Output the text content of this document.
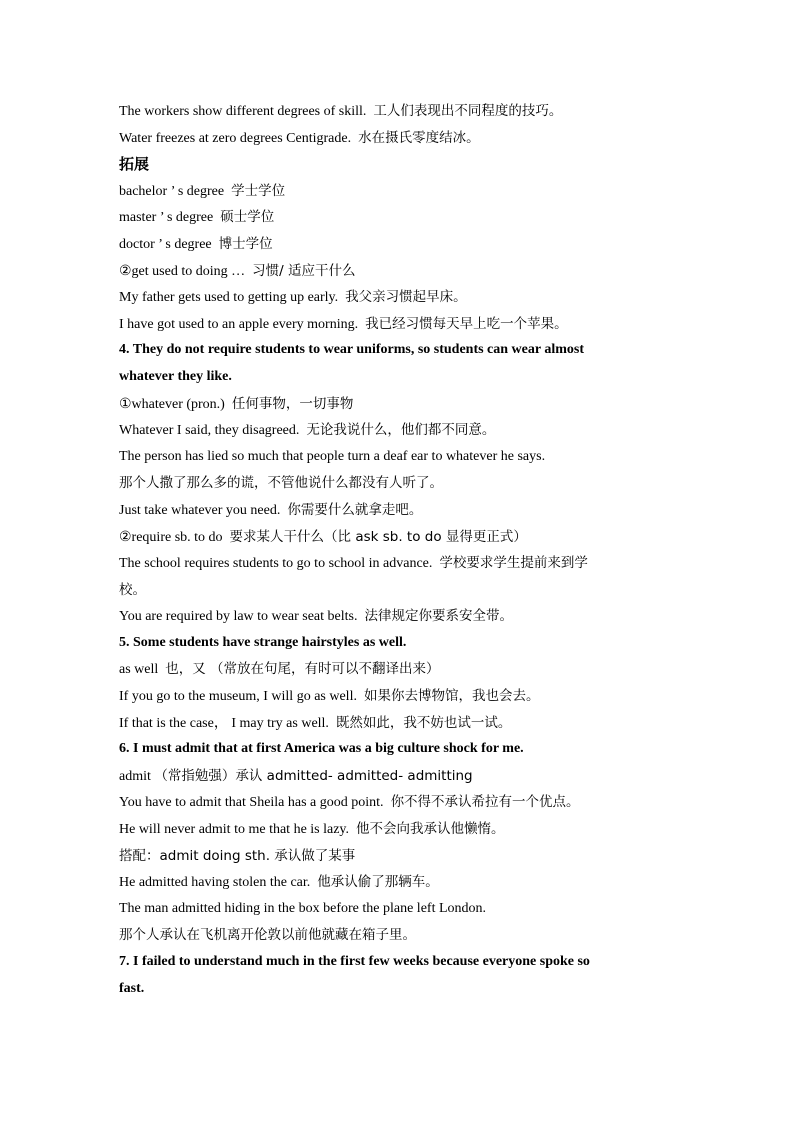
The workers show different degrees of skill. 工人们表现出不同程度的技巧。
Water freezes at zero degrees Centigrade. 水在摄氏零度结冰。
拓展
bachelor ’ s degree 学士学位
master ’ s degree 硕士学位
doctor ’ s degree 博士学位
②get used to doing … 习惯/ 适应干什么
My father gets used to getting up early. 我父亲习惯起早床。
I have got used to an apple every morning. 我已经习惯每天早上吃一个苹果。
4. They do not require students to wear uniforms, so students can wear almost
whatever they like.
①whatever (pron.) 任何事物，一切事物
Whatever I said, they disagreed. 无论我说什么，他们都不同意。
The person has lied so much that people turn a deaf ear to whatever he says.
那个人撒了那么多的谎，不管他说什么都没有人听了。
Just take whatever you need. 你需要什么就拿走吧。
②require sb. to do 要求某人干什么（比 ask sb. to do 显得更正式）
The school requires students to go to school in advance. 学校要求学生提前来到学
校。
You are required by law to wear seat belts. 法律规定你要系安全带。
5. Some students have strange hairstyles as well.
as well 也，又 （常放在句尾，有时可以不翻译出来）
If you go to the museum, I will go as well. 如果你去博物馆，我也会去。
If that is the case， I may try as well. 既然如此，我不妨也试一试。
6. I must admit that at first America was a big culture shock for me.
admit （常指勉强）承认 admitted- admitted- admitting
You have to admit that Sheila has a good point. 你不得不承认希拉有一个优点。
He will never admit to me that he is lazy. 他不会向我承认他懒惰。
搭配：admit doing sth. 承认做了某事
He admitted having stolen the car. 他承认偷了那辆车。
The man admitted hiding in the box before the plane left London.
那个人承认在飞机离开伦敦以前他就藏在箱子里。
7. I failed to understand much in the first few weeks because everyone spoke so
fast.
